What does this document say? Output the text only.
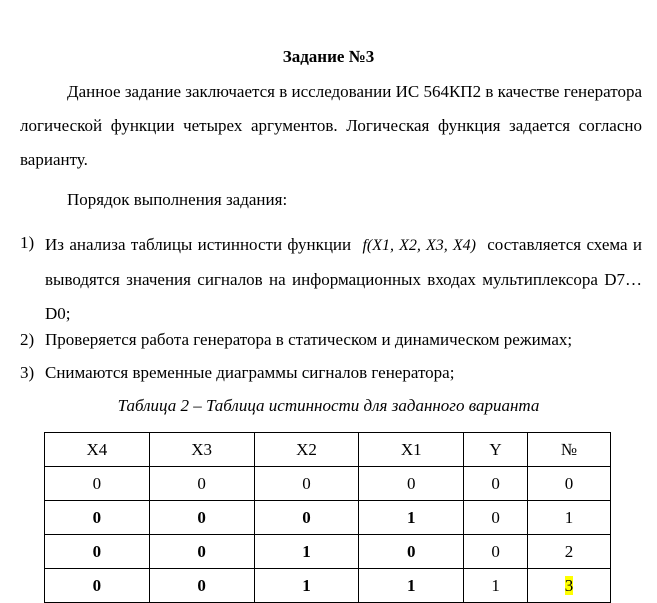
Задание №3
Данное задание заключается в исследовании ИС 564КП2 в качестве генератора логической функции четырех аргументов. Логическая функция задается согласно варианту.
Порядок выполнения задания:
1) Из анализа таблицы истинности функции f(X1, X2, X3, X4) составляется схема и выводятся значения сигналов на информационных входах мультиплексора D7…D0;
2) Проверяется работа генератора в статическом и динамическом режимах;
3) Снимаются временные диаграммы сигналов генератора;
Таблица 2 – Таблица истинности для заданного варианта
X4	X3	X2	X1	Y	№
0	0	0	0	0	0
0	0	0	1	0	1
0	0	1	0	0	2
0	0	1	1	1	3
